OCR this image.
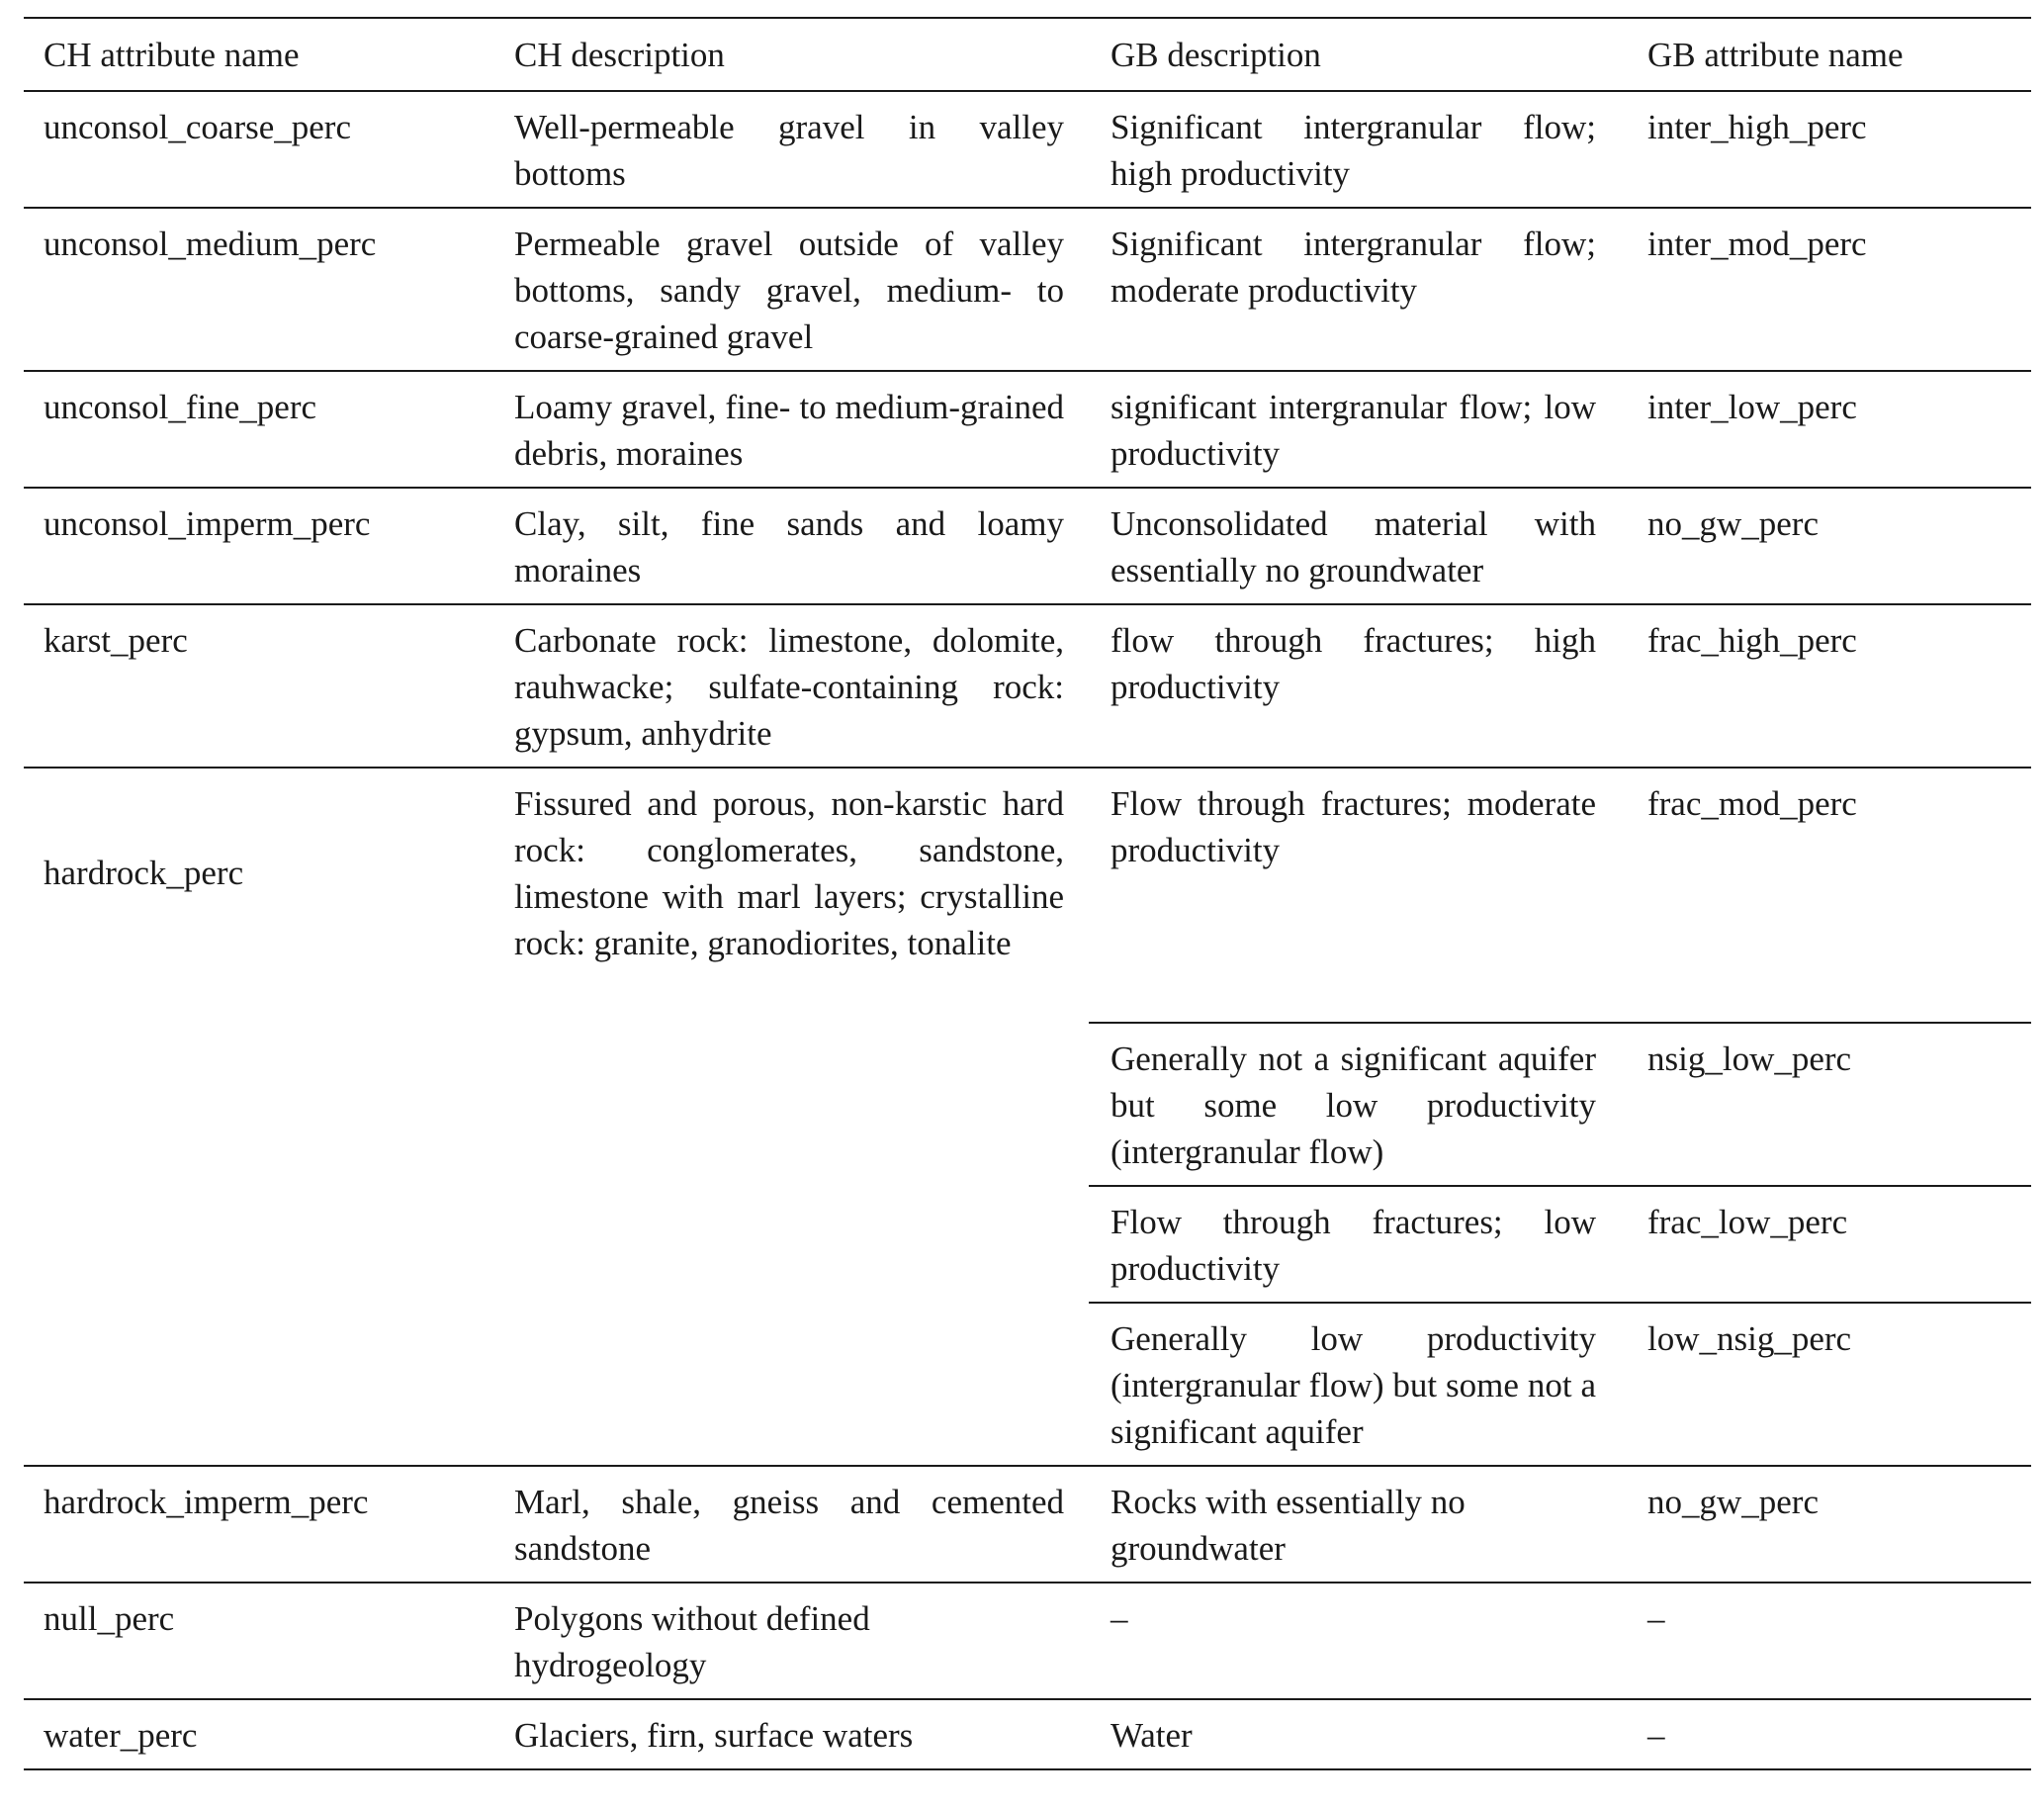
CH attribute name	CH description	GB description	GB attribute name
unconsol_coarse_perc	Well-permeable gravel in valley bottoms	Significant intergranular flow; high productivity	inter_high_perc
unconsol_medium_perc	Permeable gravel outside of valley bottoms, sandy gravel, medium- to coarse-grained gravel	Significant intergranular flow; moderate productivity	inter_mod_perc
unconsol_fine_perc	Loamy gravel, fine- to medium-grained debris, moraines	significant intergranular flow; low productivity	inter_low_perc
unconsol_imperm_perc	Clay, silt, fine sands and loamy moraines	Unconsolidated material with essentially no groundwater	no_gw_perc
karst_perc	Carbonate rock: limestone, dolomite, rauhwacke; sulfate-containing rock: gypsum, anhydrite	flow through fractures; high productivity	frac_high_perc
hardrock_perc	Fissured and porous, non-karstic hard rock: conglomerates, sandstone, limestone with marl layers; crystalline rock: granite, granodiorites, tonalite	Flow through fractures; moderate productivity	frac_mod_perc
		Generally not a significant aquifer but some low productivity (intergranular flow)	nsig_low_perc
		Flow through fractures; low productivity	frac_low_perc
		Generally low productivity (intergranular flow) but some not a significant aquifer	low_nsig_perc
hardrock_imperm_perc	Marl, shale, gneiss and cemented sandstone	Rocks with essentially no groundwater	no_gw_perc
null_perc	Polygons without defined hydrogeology	–	–
water_perc	Glaciers, firn, surface waters	Water	–
